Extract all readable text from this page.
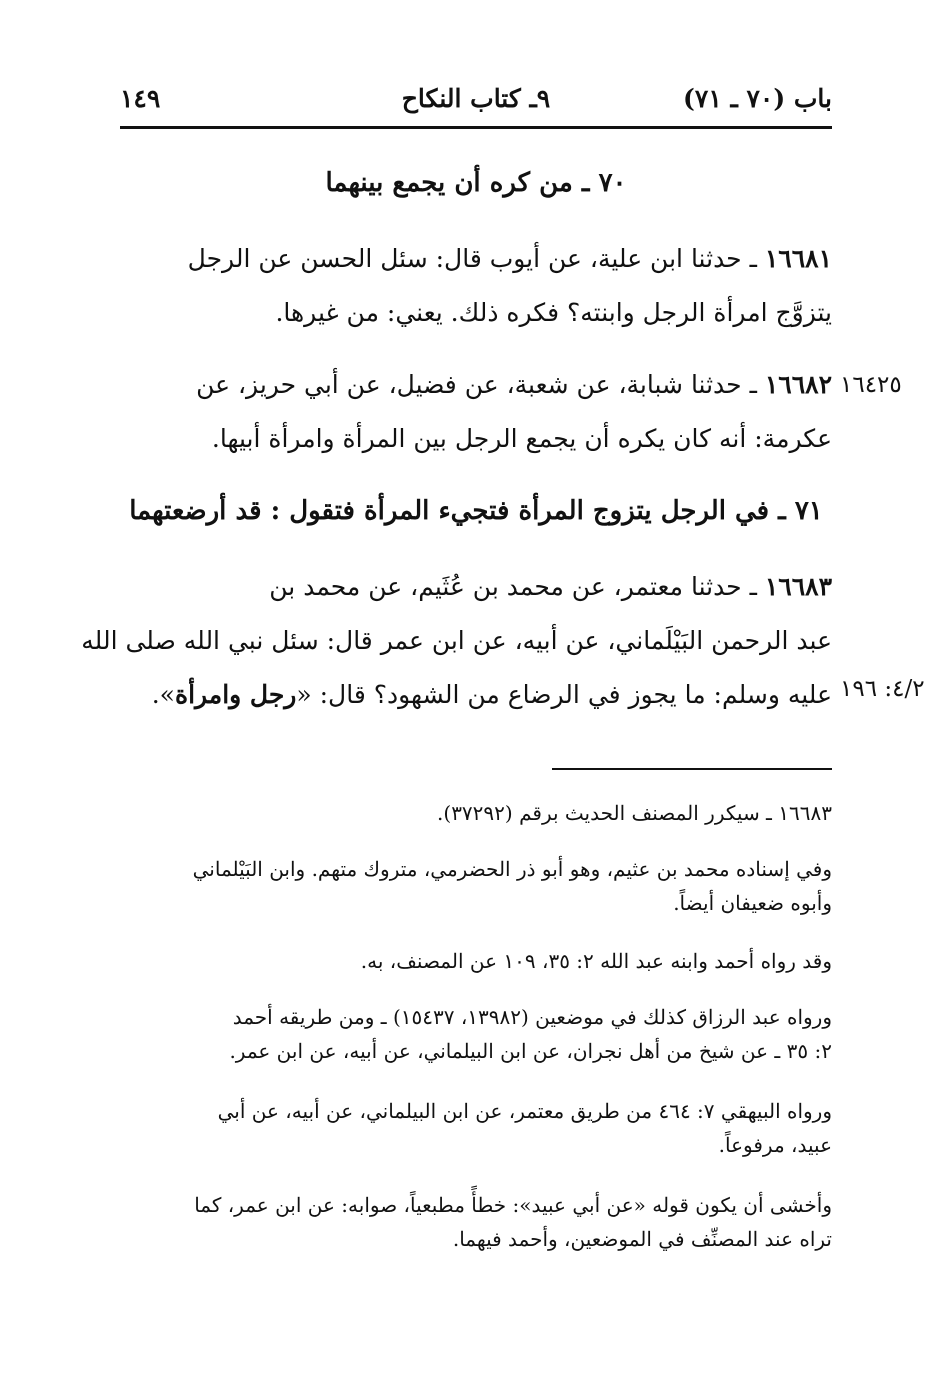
باب (٧٠ ـ ٧١)
٩ـ كتاب النكاح
١٤٩
٧٠ ـ من كره أن يجمع بينهما
١٦٦٨١ ـ حدثنا ابن علية، عن أيوب قال: سئل الحسن عن الرجل
يتزوَّج امرأة الرجل وابنته؟ فكره ذلك. يعني: من غيرها.
١٦٦٨٢ ـ حدثنا شبابة، عن شعبة، عن فضيل، عن أبي حريز، عن
عكرمة: أنه كان يكره أن يجمع الرجل بين المرأة وامرأة أبيها.
١٦٤٢٥
٧١ ـ في الرجل يتزوج المرأة فتجيء المرأة فتقول : قد أرضعتهما
١٦٦٨٣ ـ حدثنا معتمر، عن محمد بن عُثَيم، عن محمد بن
عبد الرحمن البَيْلَماني، عن أبيه، عن ابن عمر قال: سئل نبي الله صلى الله
عليه وسلم: ما يجوز في الرضاع من الشهود؟ قال: «رجل وامرأة».	٤/٢: ١٩٦
١٦٦٨٣ ـ سيكرر المصنف الحديث برقم (٣٧٢٩٢).
وفي إسناده محمد بن عثيم، وهو أبو ذر الحضرمي، متروك متهم. وابن البَيْلماني
وأبوه ضعيفان أيضاً.
وقد رواه أحمد وابنه عبد الله ٢: ٣٥، ١٠٩ عن المصنف، به.
ورواه عبد الرزاق كذلك في موضعين (١٣٩٨٢، ١٥٤٣٧) ـ ومن طريقه أحمد
٢: ٣٥ ـ عن شيخ من أهل نجران، عن ابن البيلماني، عن أبيه، عن ابن عمر.
ورواه البيهقي ٧: ٤٦٤ من طريق معتمر، عن ابن البيلماني، عن أبيه، عن أبي
عبيد، مرفوعاً.
وأخشى أن يكون قوله «عن أبي عبيد»: خطأً مطبعياً، صوابه: عن ابن عمر، كما
تراه عند المصنِّف في الموضعين، وأحمد فيهما.
